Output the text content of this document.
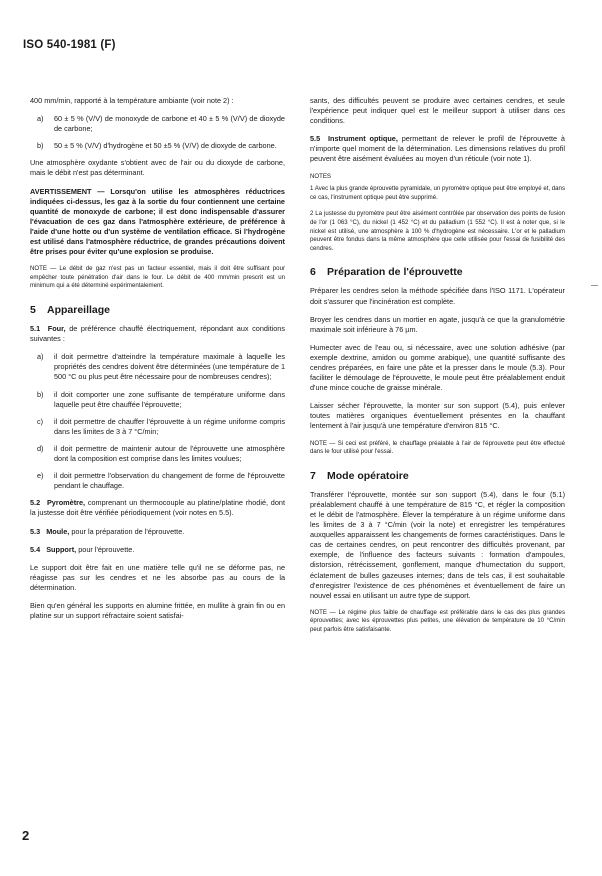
ISO 540-1981 (F)

400 mm/min, rapporté à la température ambiante (voir note 2) :

a)	60 ± 5 % (V/V) de monoxyde de carbone et 40 ± 5 % (V/V) de dioxyde de carbone;
b)	50 ± 5 % (V/V) d'hydrogène et 50 ±5 % (V/V) de dioxyde de carbone.

Une atmosphère oxydante s'obtient avec de l'air ou du dioxyde de carbone, mais le débit n'est pas déterminant.

AVERTISSEMENT — Lorsqu'on utilise les atmosphères réductrices indiquées ci-dessus, les gaz à la sortie du four contiennent une certaine quantité de monoxyde de carbone; il est donc indispensable d'assurer l'évacuation de ces gaz dans l'atmosphère extérieure, de préférence à l'aide d'une hotte ou d'un système de ventilation efficace. Si l'hydrogène est utilisé dans l'atmosphère réductrice, de grandes précautions doivent être prises pour éviter qu'une explosion se produise.

NOTE — Le débit de gaz n'est pas un facteur essentiel, mais il doit être suffisant pour empêcher toute pénétration d'air dans le four. Le débit de 400 mm/min prescrit est un minimum qui a été déterminé expérimentalement.

5	Appareillage

5.1 Four, de préférence chauffé électriquement, répondant aux conditions suivantes :

a)	il doit permettre d'atteindre la température maximale à laquelle les propriétés des cendres doivent être déterminées (une température de 1 500 °C ou plus peut être nécessaire pour de nombreuses cendres);
b)	il doit comporter une zone suffisante de température uniforme dans laquelle peut être chauffée l'éprouvette;
c)	il doit permettre de chauffer l'éprouvette à un régime uniforme compris dans les limites de 3 à 7 °C/min;
d)	il doit permettre de maintenir autour de l'éprouvette une atmosphère dont la composition est comprise dans les limites voulues;
e)	il doit permettre l'observation du changement de forme de l'éprouvette pendant le chauffage.

5.2 Pyromètre, comprenant un thermocouple au platine/platine rhodié, dont la justesse doit être vérifiée périodiquement (voir notes en 5.5).

5.3 Moule, pour la préparation de l'éprouvette.

5.4 Support, pour l'éprouvette.

Le support doit être fait en une matière telle qu'il ne se déforme pas, ne réagisse pas sur les cendres et ne les absorbe pas au cours de la détermination.

Bien qu'en général les supports en alumine frittée, en mullite à grain fin ou en platine sur un support réfractaire soient satisfai-

sants, des difficultés peuvent se produire avec certaines cendres, et seule l'expérience peut indiquer quel est le meilleur support à utiliser dans ces conditions.

5.5 Instrument optique, permettant de relever le profil de l'éprouvette à n'importe quel moment de la détermination. Les dimensions relatives du profil peuvent être aisément évaluées au moyen d'un réticule (voir note 1).

NOTES

1 Avec la plus grande éprouvette pyramidale, un pyromètre optique peut être employé et, dans ce cas, l'instrument optique peut être supprimé.

2 La justesse du pyromètre peut être aisément contrôlée par observation des points de fusion de l'or (1 063 °C), du nickel (1 452 °C) et du palladium (1 552 °C). Il est à noter que, si le nickel est utilisé, une atmosphère à 100 % d'hydrogène est nécessaire. L'or et le palladium peuvent être fondus dans la même atmosphère que celle utilisée pour l'essai de fusibilité des cendres.

6	Préparation de l'éprouvette

Préparer les cendres selon la méthode spécifiée dans l'ISO 1171. L'opérateur doit s'assurer que l'incinération est complète.

Broyer les cendres dans un mortier en agate, jusqu'à ce que la granulométrie maximale soit inférieure à 76 µm.

Humecter avec de l'eau ou, si nécessaire, avec une solution adhésive (par exemple dextrine, amidon ou gomme arabique), une quantité suffisante des cendres préparées, en faire une pâte et la presser dans le moule (5.3). Pour faciliter le démoulage de l'éprouvette, le moule peut être préalablement enduit d'une mince couche de graisse minérale.

Laisser sécher l'éprouvette, la monter sur son support (5.4), puis enlever toutes matières organiques éventuellement présentes en la chauffant lentement à l'air jusqu'à une température d'environ 815 °C.

NOTE — Si ceci est préféré, le chauffage préalable à l'air de l'éprouvette peut être effectué dans le four utilisé pour l'essai.

7	Mode opératoire

Transférer l'éprouvette, montée sur son support (5.4), dans le four (5.1) préalablement chauffé à une température de 815 °C, et régler la composition et le débit de l'atmosphère. Élever la température à un régime uniforme dans les limites de 3 à 7 °C/min (voir la note) et enregistrer les températures auxquelles apparaissent les changements de formes caractéristiques. Dans le cas de certaines cendres, on peut rencontrer des difficultés provenant, par exemple, de l'influence des facteurs suivants : formation d'ampoules, distorsion, rétrécissement, gonflement, manque d'humectation du support, éclatement de bulles gazeuses internes; dans de tels cas, il est souhaitable d'enregistrer l'existence de ces phénomènes et éventuellement de faire un nouvel essai en utilisant un autre type de support.

NOTE — Le régime plus faible de chauffage est préférable dans le cas des plus grandes éprouvettes; avec les éprouvettes plus petites, une élévation de température de 10 °C/min peut parfois être satisfaisante.

2
